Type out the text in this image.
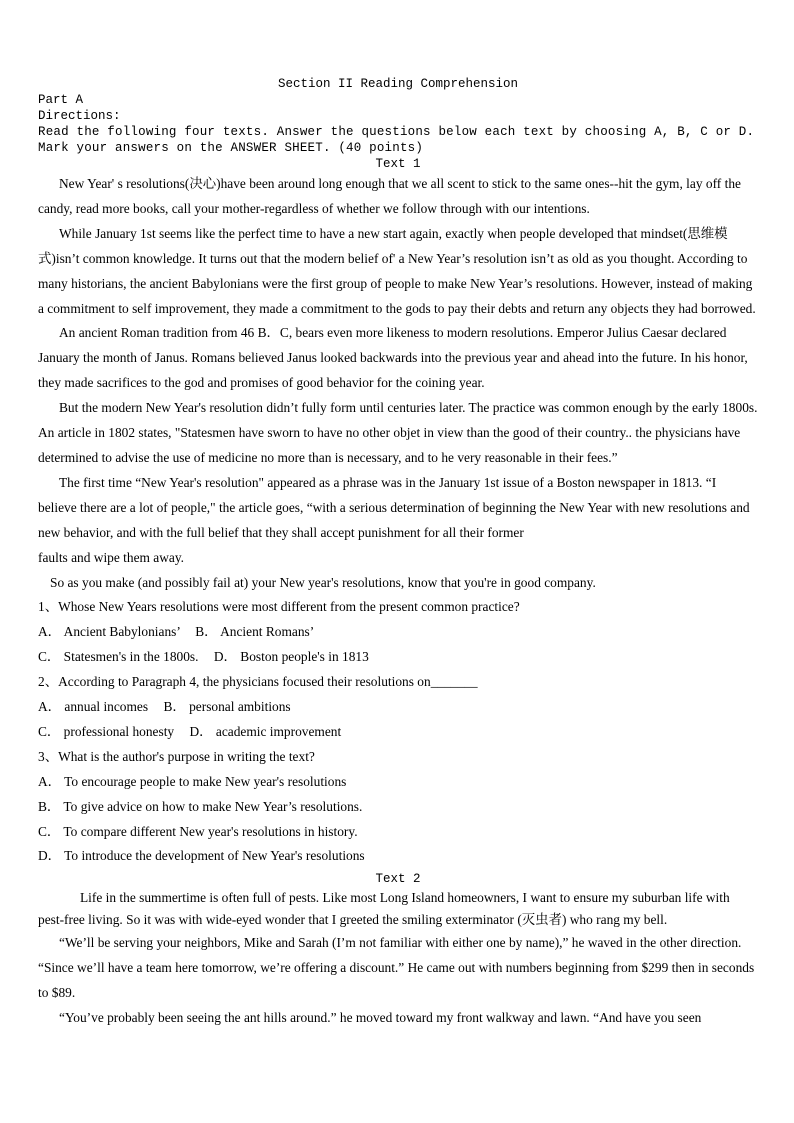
Section II Reading Comprehension
Part A
Directions:

Read the following four texts. Answer the questions below each text by choosing A, B, C or D. Mark your answers on the ANSWER SHEET. (40 points)

Text 1

New Year' s resolutions(决心)have been around long enough that we all scent to stick to the same ones--hit the gym, lay off the candy, read more books, call your mother-regardless of whether we follow through with our intentions.

While January 1st seems like the perfect time to have a new start again, exactly when people developed that mindset(思维模式)isn’t common knowledge. It turns out that the modern belief of' a New Year’s resolution isn’t as old as you thought. According to many historians, the ancient Babylonians were the first group of people to make New Year’s resolutions. However, instead of making a commitment to self improvement, they made a commitment to the gods to pay their debts and return any objects they had borrowed.

An ancient Roman tradition from 46 B．C, bears even more likeness to modern resolutions. Emperor Julius Caesar declared January the month of Janus. Romans believed Janus looked backwards into the previous year and ahead into the future. In his honor, they made sacrifices to the god and promises of good behavior for the coining year.

But the modern New Year's resolution didn’t fully form until centuries later. The practice was common enough by the early 1800s. An article in 1802 states, "Statesmen have sworn to have no other objet in view than the good of their country.. the physicians have determined to advise the use of medicine no more than is necessary, and to he very reasonable in their fees.”

The first time “New Year's resolution" appeared as a phrase was in the January 1st issue of a Boston newspaper in 1813. “I believe there are a lot of people," the article goes, “with a serious determination of beginning the New Year with new resolutions and new behavior, and with the full belief that they shall accept punishment for all their former

faults and wipe them away.

So as you make (and possibly fail at) your New year's resolutions, know that you're in good company.

1、Whose New Years resolutions were most different from the present common practice?

A． Ancient Babylonians’ B． Ancient Romans’

C． Statesmen's in the 1800s. D． Boston people's in 1813

2、According to Paragraph 4, the physicians focused their resolutions on_______

A． annual incomes B． personal ambitions

C． professional honesty D． academic improvement

3、What is the author's purpose in writing the text?

A． To encourage people to make New year's resolutions

B． To give advice on how to make New Year’s resolutions.

C． To compare different New year's resolutions in history.

D． To introduce the development of New Year's resolutions

Text 2

Life in the summertime is often full of pests. Like most Long Island homeowners, I want to ensure my suburban life with pest-free living. So it was with wide-eyed wonder that I greeted the smiling exterminator (灭虫者) who rang my bell.

“We’ll be serving your neighbors, Mike and Sarah (I’m not familiar with either one by name),” he waved in the other direction. “Since we’ll have a team here tomorrow, we’re offering a discount.” He came out with numbers beginning from $299 then in seconds to $89.

“You’ve probably been seeing the ant hills around.” he moved toward my front walkway and lawn. “And have you seen
